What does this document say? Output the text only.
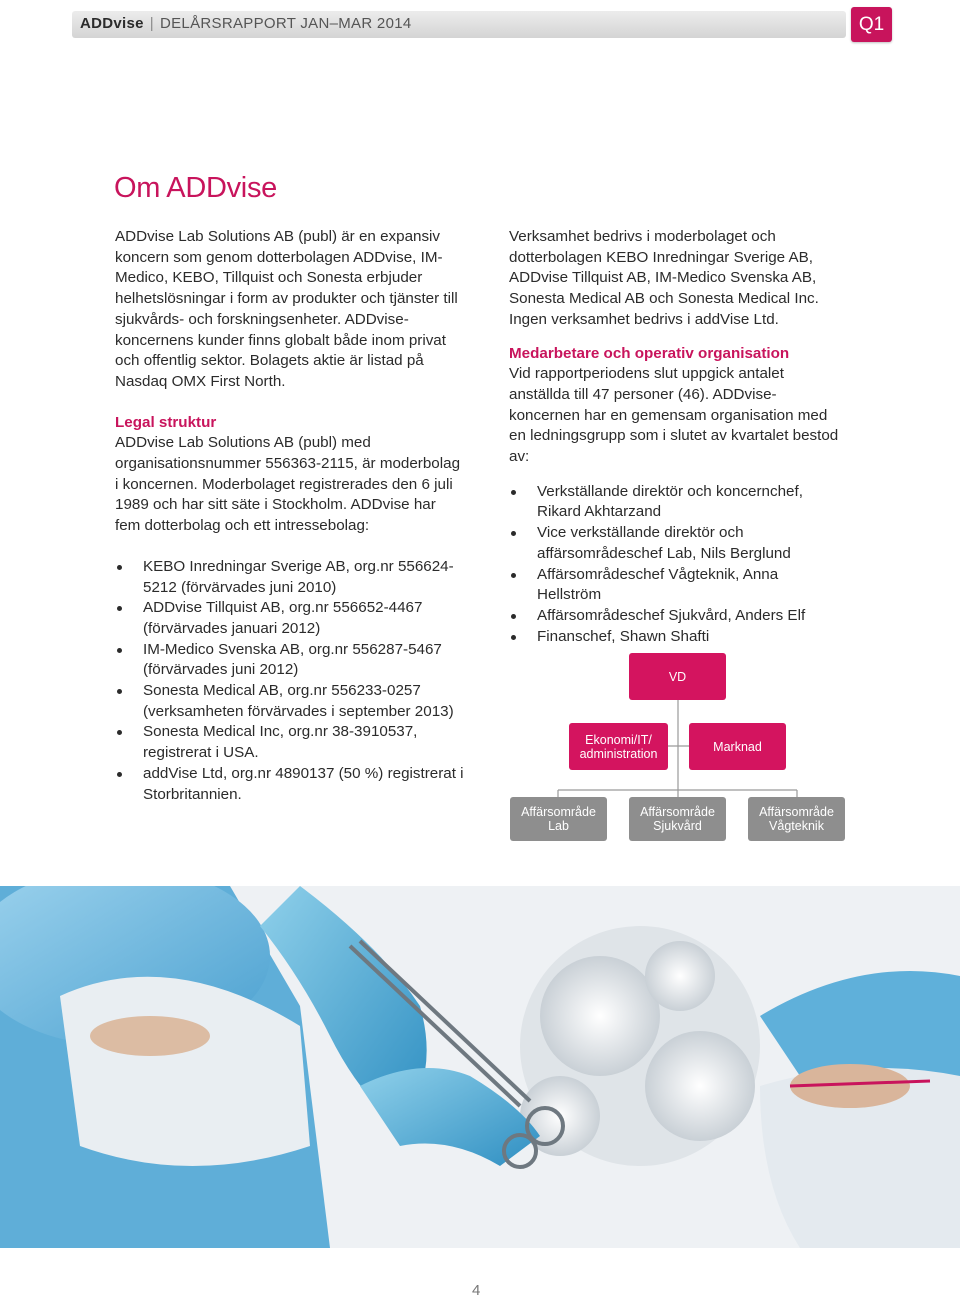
ADDvise | DELÅRSRAPPORT JAN–MAR 2014	Q1
Om ADDvise

ADDvise Lab Solutions AB (publ) är en expansiv koncern som genom dotterbolagen ADDvise, IM-Medico, KEBO, Tillquist och Sonesta erbjuder helhetslösningar i form av produkter och tjänster till sjukvårds- och forskningsenheter. ADDvise-koncernens kunder finns globalt både inom privat och offentlig sektor. Bolagets aktie är listad på Nasdaq OMX First North.

Legal struktur

ADDvise Lab Solutions AB (publ) med organisationsnummer 556363-2115, är moderbolag i koncernen. Moderbolaget registrerades den 6 juli 1989 och har sitt säte i Stockholm. ADDvise har fem dotterbolag och ett intressebolag:

KEBO Inredningar Sverige AB, org.nr 556624-5212 (förvärvades juni 2010)
ADDvise Tillquist AB, org.nr 556652-4467 (förvärvades januari 2012)
IM-Medico Svenska AB, org.nr 556287-5467 (förvärvades juni 2012)
Sonesta Medical AB, org.nr 556233-0257 (verksamheten förvärvades i september 2013)
Sonesta Medical Inc, org.nr 38-3910537, registrerat i USA.
addVise Ltd, org.nr 4890137 (50 %) registrerat i Storbritannien.

Verksamhet bedrivs i moderbolaget och dotterbolagen KEBO Inredningar Sverige AB, ADDvise Tillquist AB, IM-Medico Svenska AB, Sonesta Medical AB och Sonesta Medical Inc. Ingen verksamhet bedrivs i addVise Ltd.

Medarbetare och operativ organisation

Vid rapportperiodens slut uppgick antalet anställda till 47 personer (46). ADDvise-koncernen har en gemensam organisation med en ledningsgrupp som i slutet av kvartalet bestod av:

Verkställande direktör och koncernchef, Rikard Akhtarzand
Vice verkställande direktör och affärsområdeschef Lab, Nils Berglund
Affärsområdeschef Vågteknik, Anna Hellström
Affärsområdeschef Sjukvård, Anders Elf
Finanschef, Shawn Shafti
VD
Ekonomi/IT/ administration	Marknad
Affärsområde Lab
Affärsområde Sjukvård
Affärsområde Vågteknik
4
